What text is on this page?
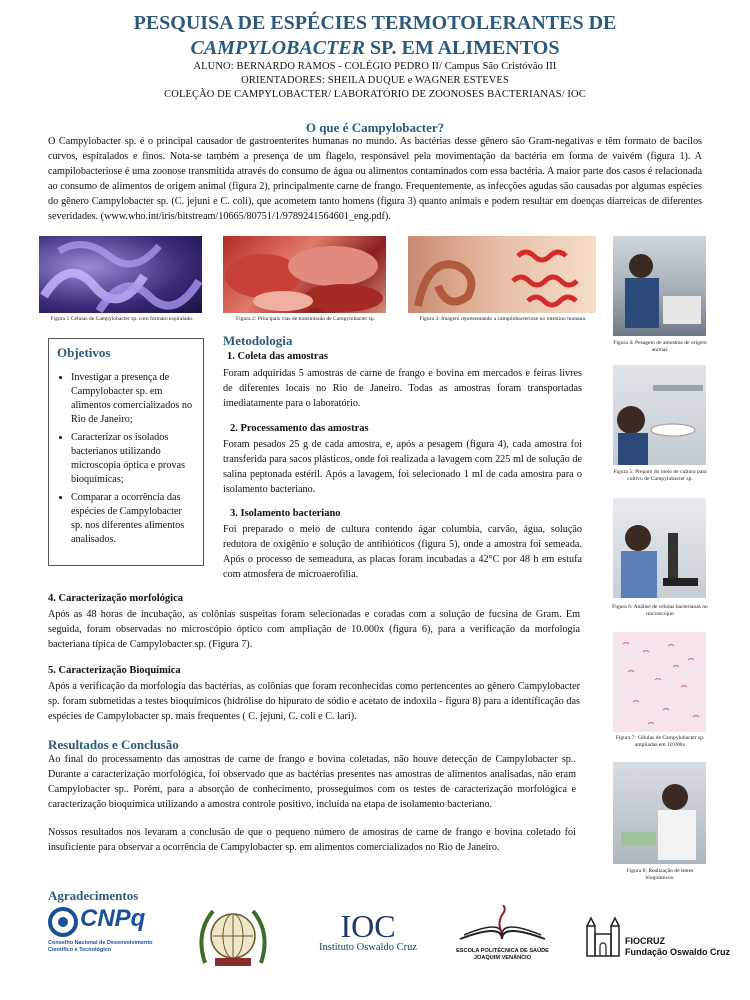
PESQUISA DE ESPÉCIES TERMOTOLERANTES DE
CAMPYLOBACTER SP. EM ALIMENTOS
ALUNO: BERNARDO RAMOS - COLÉGIO PEDRO II/ Campus São Cristóvão III
ORIENTADORES: SHEILA DUQUE e WAGNER ESTEVES
COLEÇÃO DE CAMPYLOBACTER/ LABORATÓRIO DE ZOONOSES BACTERIANAS/ IOC
O que é Campylobacter?
O Campylobacter sp. é o principal causador de gastroenterites humanas no mundo. As bactérias desse gênero são Gram-negativas e têm formato de bacilos curvos, espiralados e finos. Nota-se também a presença de um flagelo, responsável pela movimentação da bactéria em forma de vaivém (figura 1). A campilobacteriose é uma zoonose transmitida através do consumo de água ou alimentos contaminados com essa bactéria. A maior parte dos casos é relacionada ao consumo de alimentos de origem animal (figura 2), principalmente carne de frango. Frequentemente, as infecções agudas são causadas por algumas espécies do gênero Campylobacter sp. (C. jejuni e C. coli), que acometem tanto homens (figura 3) quanto animais e podem resultar em doenças diarreicas de diferentes severidades. (www.who.int/iris/bitstream/10665/80751/1/9789241564601_eng.pdf).
Figura 1 Células de Campylobacter sp. com formato espiralado.	Figura 2: Principais vias de transmissão de Campylobacter sp.	Figura 3: Imagem representando a campilobacteriose no intestino humano.
Figura 4: Pesagem de amostras de origem animal.
Figura 5: Preparo do meio de cultura para cultivo de Campylobacter sp.
Figura 6: Análise de células bacterianas no microscópio
Figura 7: Células de Campylobacter sp. ampliadas em 10.000x
Figura 8: Realização de testes bioquímicos.
Objetivos
• Investigar a presença de Campylobacter sp. em alimentos comercializados no Rio de Janeiro;
• Caracterizar os isolados bacterianos utilizando microscopia óptica e provas bioquímicas;
• Comparar a ocorrência das espécies de Campylobacter sp. nos diferentes alimentos analisados.
Metodologia
1. Coleta das amostras
Foram adquiridas 5 amostras de carne de frango e bovina em mercados e feiras livres de diferentes locais no Rio de Janeiro. Todas as amostras foram transportadas imediatamente para o laboratório.
2. Processamento das amostras
Foram pesados 25 g de cada amostra, e, após a pesagem (figura 4), cada amostra foi transferida para sacos plásticos, onde foi realizada a lavagem com 225 ml de solução de salina peptonada estéril. Após a lavagem, foi selecionado 1 ml de cada amostra para o isolamento bacteriano.
3. Isolamento bacteriano
Foi preparado o meio de cultura contendo ágar columbia, carvão, água, solução redutora de oxigênio e solução de antibióticos (figura 5), onde a amostra foi semeada. Após o processo de semeadura, as placas foram incubadas a 42°C por 48 h em estufa com atmosfera de microaerofilia.
4. Caracterização morfológica
Após as 48 horas de incubação, as colônias suspeitas foram selecionadas e coradas com a solução de fucsina de Gram. Em seguida, foram observadas no microscópio óptico com ampliação de 10.000x (figura 6), para a verificação da morfologia bacteriana típica de Campylobacter sp. (Figura 7).
5. Caracterização Bioquímica
Após a verificação da morfologia das bactérias, as colônias que foram reconhecidas como pertencentes ao gênero Campylobacter sp. foram submetidas a testes bioquímicos (hidrólise do hipurato de sódio e acetato de indoxila - figura 8) para a identificação das espécies de Campylobacter sp. mais frequentes ( C. jejuni, C. coli e C. lari).
Resultados e Conclusão
Ao final do processamento das amostras de carne de frango e bovina coletadas, não houve detecção de Campylobacter sp.. Durante a caracterização morfológica, foi observado que as bactérias presentes nas amostras de alimentos analisadas, não eram Campylobacter sp.. Porém, para a absorção de conhecimento, prosseguimos com os testes de caracterização morfológica e caracterização bioquímica utilizando a amostra controle positivo, incluída na etapa de isolamento bacteriano.
Nossos resultados nos levaram a conclusão de que o pequeno número de amostras de carne de frango e bovina coletado foi insuficiente para observar a ocorrência de Campylobacter sp. em alimentos comercializados no Rio de Janeiro.
Agradecimentos
CNPq
Conselho Nacional de Desenvolvimento
Científico e Tecnológico
IOC
Instituto Oswaldo Cruz	ESCOLA POLITÉCNICA DE SAÚDE
JOAQUIM VENÂNCIO
FIOCRUZ
Fundação Oswaldo Cruz
